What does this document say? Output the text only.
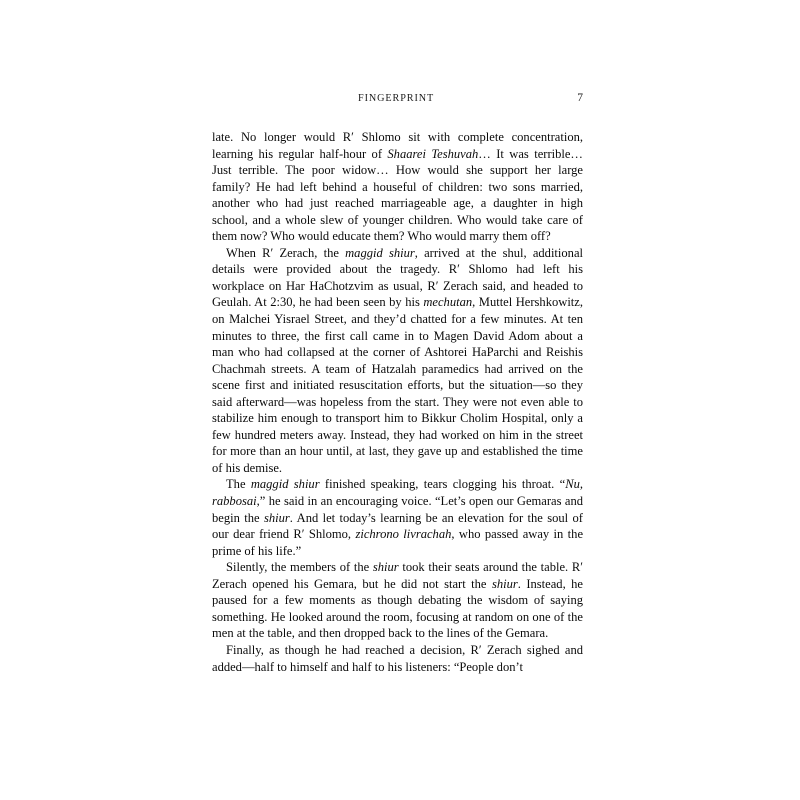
FINGERPRINT	7

late. No longer would R′ Shlomo sit with complete concentration, learning his regular half-hour of Shaarei Teshuvah… It was terrible… Just terrible. The poor widow… How would she support her large family? He had left behind a houseful of children: two sons married, another who had just reached marriageable age, a daughter in high school, and a whole slew of younger children. Who would take care of them now? Who would educate them? Who would marry them off?

When R′ Zerach, the maggid shiur, arrived at the shul, additional details were provided about the tragedy. R′ Shlomo had left his workplace on Har HaChotzvim as usual, R′ Zerach said, and headed to Geulah. At 2:30, he had been seen by his mechutan, Muttel Hershkowitz, on Malchei Yisrael Street, and they’d chatted for a few minutes. At ten minutes to three, the first call came in to Magen David Adom about a man who had collapsed at the corner of Ashtorei HaParchi and Reishis Chachmah streets. A team of Hatzalah paramedics had arrived on the scene first and initiated resuscitation efforts, but the situation—so they said afterward—was hopeless from the start. They were not even able to stabilize him enough to transport him to Bikkur Cholim Hospital, only a few hundred meters away. Instead, they had worked on him in the street for more than an hour until, at last, they gave up and established the time of his demise.

The maggid shiur finished speaking, tears clogging his throat. “Nu, rabbosai,” he said in an encouraging voice. “Let’s open our Gemaras and begin the shiur. And let today’s learning be an elevation for the soul of our dear friend R′ Shlomo, zichrono livrachah, who passed away in the prime of his life.”

Silently, the members of the shiur took their seats around the table. R′ Zerach opened his Gemara, but he did not start the shiur. Instead, he paused for a few moments as though debating the wisdom of saying something. He looked around the room, focusing at random on one of the men at the table, and then dropped back to the lines of the Gemara.

Finally, as though he had reached a decision, R′ Zerach sighed and added—half to himself and half to his listeners: “People don’t
